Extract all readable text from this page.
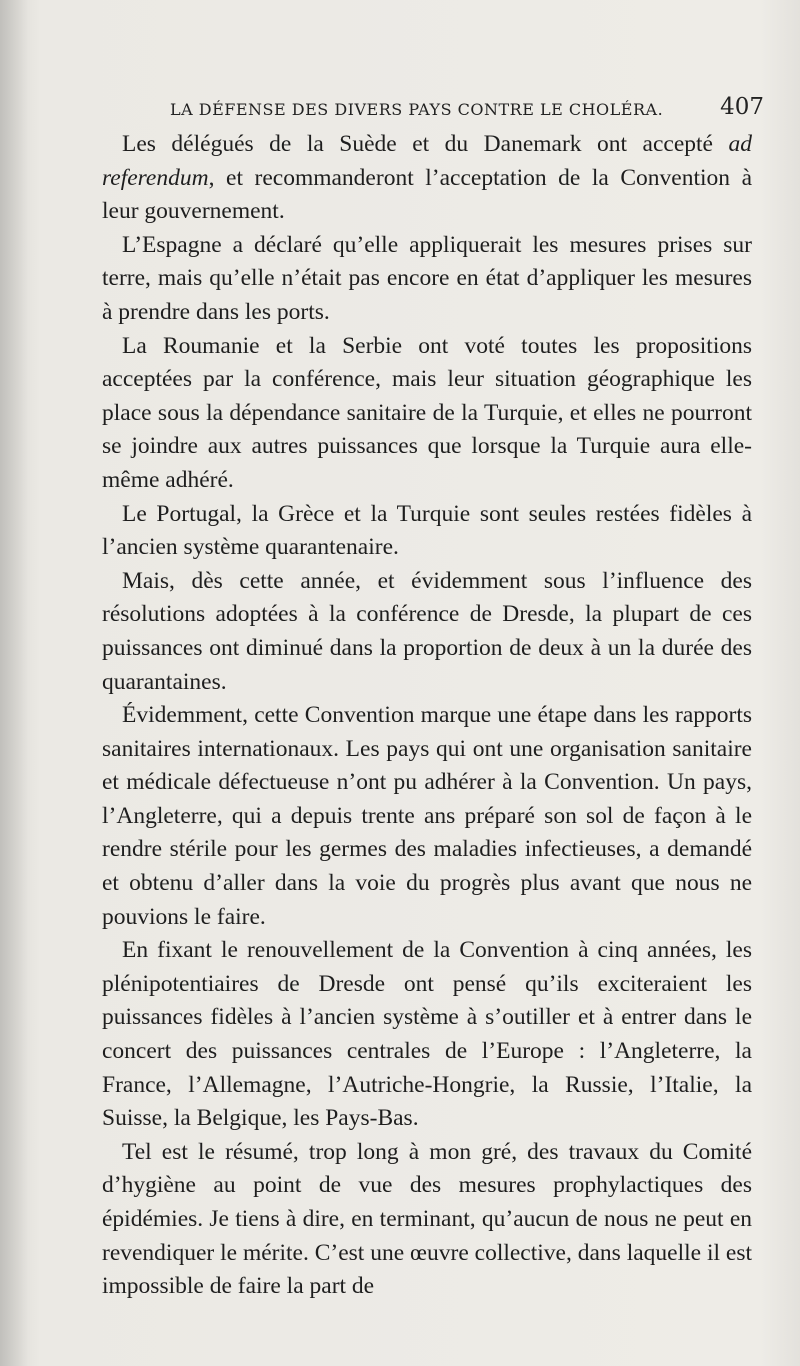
LA DÉFENSE DES DIVERS PAYS CONTRE LE CHOLÉRA. 407

Les délégués de la Suède et du Danemark ont accepté ad referendum, et recommanderont l’acceptation de la Convention à leur gouvernement.

L’Espagne a déclaré qu’elle appliquerait les mesures prises sur terre, mais qu’elle n’était pas encore en état d’appliquer les mesures à prendre dans les ports.

La Roumanie et la Serbie ont voté toutes les propositions acceptées par la conférence, mais leur situation géographique les place sous la dépendance sanitaire de la Turquie, et elles ne pourront se joindre aux autres puissances que lorsque la Turquie aura elle-même adhéré.

Le Portugal, la Grèce et la Turquie sont seules restées fidèles à l’ancien système quarantenaire.

Mais, dès cette année, et évidemment sous l’influence des résolutions adoptées à la conférence de Dresde, la plupart de ces puissances ont diminué dans la proportion de deux à un la durée des quarantaines.

Évidemment, cette Convention marque une étape dans les rapports sanitaires internationaux. Les pays qui ont une organisation sanitaire et médicale défectueuse n’ont pu adhérer à la Convention. Un pays, l’Angleterre, qui a depuis trente ans préparé son sol de façon à le rendre stérile pour les germes des maladies infectieuses, a demandé et obtenu d’aller dans la voie du progrès plus avant que nous ne pouvions le faire.

En fixant le renouvellement de la Convention à cinq années, les plénipotentiaires de Dresde ont pensé qu’ils exciteraient les puissances fidèles à l’ancien système à s’outiller et à entrer dans le concert des puissances centrales de l’Europe : l’Angleterre, la France, l’Allemagne, l’Autriche-Hongrie, la Russie, l’Italie, la Suisse, la Belgique, les Pays-Bas.

Tel est le résumé, trop long à mon gré, des travaux du Comité d’hygiène au point de vue des mesures prophylactiques des épidémies. Je tiens à dire, en terminant, qu’aucun de nous ne peut en revendiquer le mérite. C’est une œuvre collective, dans laquelle il est impossible de faire la part de
